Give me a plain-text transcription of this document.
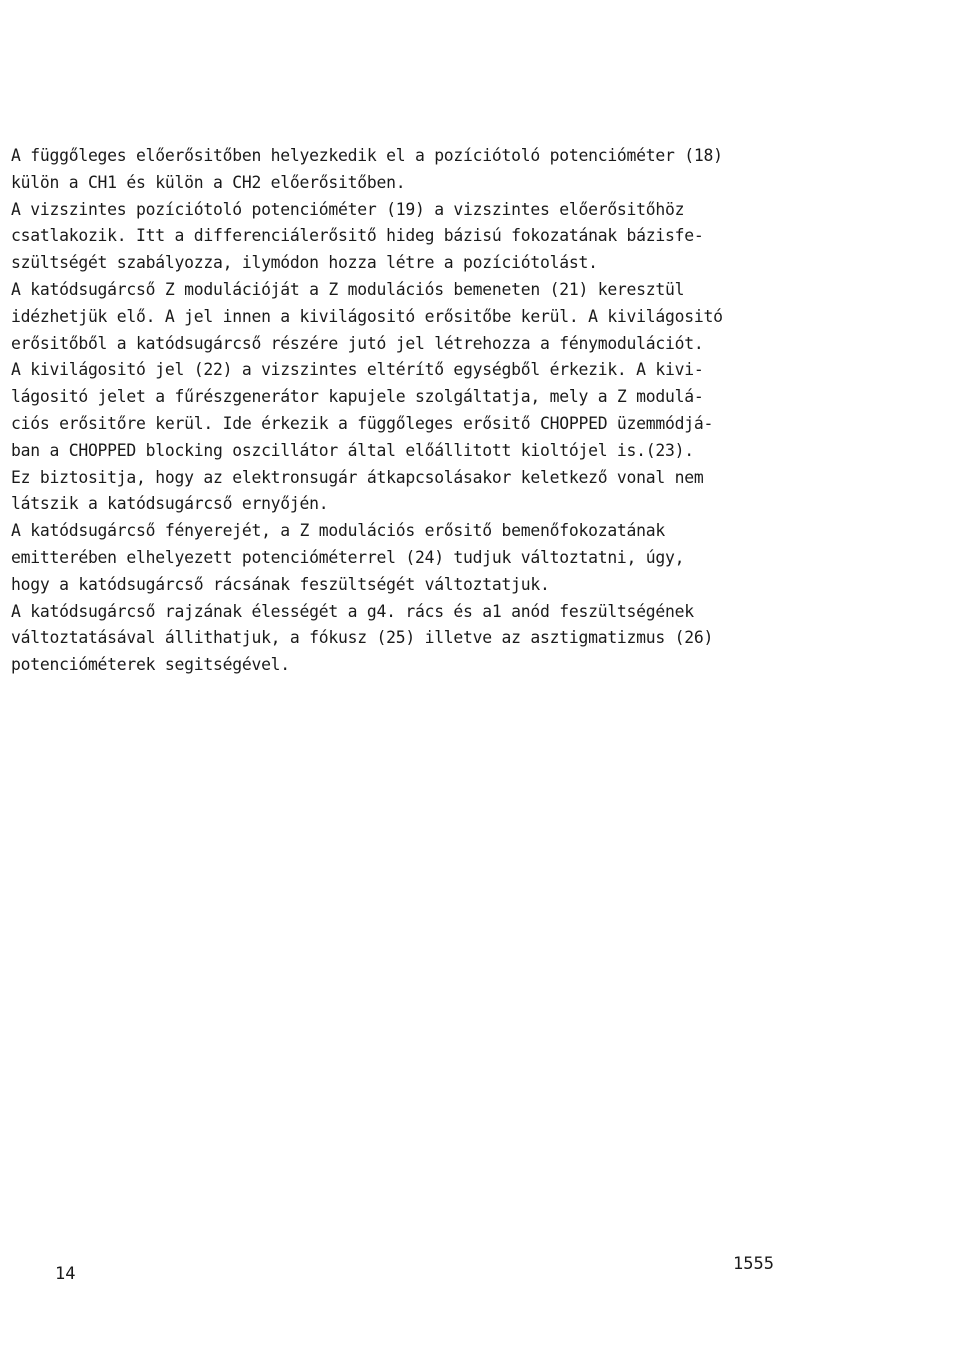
A függőleges előerősitőben helyezkedik el a pozíciótoló potencióméter (18)
külön a CH1 és külön a CH2 előerősitőben.
A vizszintes pozíciótoló potencióméter (19) a vizszintes előerősitőhöz
csatlakozik. Itt a differenciálerősitő hideg bázisú fokozatának bázisfe-
szültségét szabályozza, ilymódon hozza létre a pozíciótolást.
A katódsugárcső Z modulációját a Z modulációs bemeneten (21) keresztül
idézhetjük elő. A jel innen a kivilágositó erősitőbe kerül. A kivilágositó
erősitőből a katódsugárcső részére jutó jel létrehozza a fénymodulációt.
A kivilágositó jel (22) a vizszintes eltérítő egységből érkezik. A kivi-
lágositó jelet a fűrészgenerátor kapujele szolgáltatja, mely a Z modulá-
ciós erősitőre kerül. Ide érkezik a függőleges erősitő CHOPPED üzemmódjá-
ban a CHOPPED blocking oszcillátor által előállitott kioltójel is.(23).
Ez biztositja, hogy az elektronsugár átkapcsolásakor keletkező vonal nem
látszik a katódsugárcső ernyőjén.
A katódsugárcső fényerejét, a Z modulációs erősitő bemenőfokozatának
emitterében elhelyezett potencióméterrel (24) tudjuk változtatni, úgy,
hogy a katódsugárcső rácsának feszültségét változtatjuk.
A katódsugárcső rajzának élességét a g4. rács és a1 anód feszültségének
változtatásával állithatjuk, a fókusz (25) illetve az asztigmatizmus (26)
potencióméterek segitségével.
14	1555
